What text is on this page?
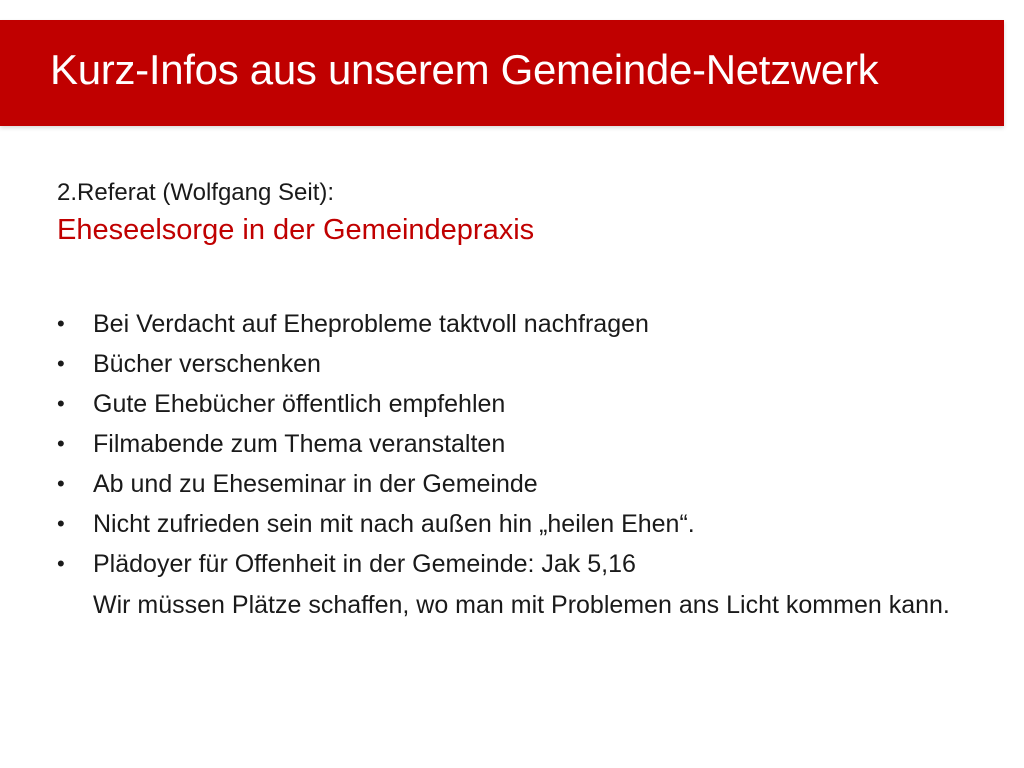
Kurz-Infos aus unserem Gemeinde-Netzwerk

2.Referat (Wolfgang Seit):

Eheseelsorge in der Gemeindepraxis

• Bei Verdacht auf Eheprobleme taktvoll nachfragen
• Bücher verschenken
• Gute Ehebücher öffentlich empfehlen
• Filmabende zum Thema veranstalten
• Ab und zu Eheseminar in der Gemeinde
• Nicht zufrieden sein mit nach außen hin „heilen Ehen“.
• Plädoyer für Offenheit in der Gemeinde: Jak 5,16
Wir müssen Plätze schaffen, wo man mit Problemen ans Licht kommen kann.
